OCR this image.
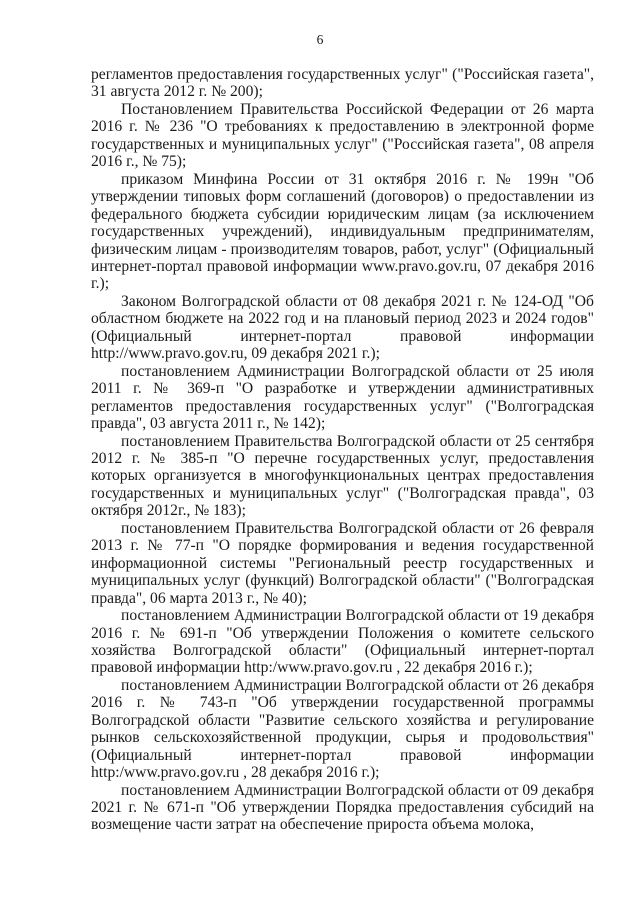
6

регламентов предоставления государственных услуг" ("Российская газета", 31 августа 2012 г. № 200);

Постановлением Правительства Российской Федерации от 26 марта 2016 г. № 236 "О требованиях к предоставлению в электронной форме государственных и муниципальных услуг" ("Российская газета", 08 апреля 2016 г., № 75);

приказом Минфина России от 31 октября 2016 г. № 199н "Об утверждении типовых форм соглашений (договоров) о предоставлении из федерального бюджета субсидии юридическим лицам (за исключением государственных учреждений), индивидуальным предпринимателям, физическим лицам - производителям товаров, работ, услуг" (Официальный интернет-портал правовой информации www.pravo.gov.ru, 07 декабря 2016 г.);

Законом Волгоградской области от 08 декабря 2021 г. № 124-ОД "Об областном бюджете на 2022 год и на плановый период 2023 и 2024 годов" (Официальный интернет-портал правовой информации http://www.pravo.gov.ru, 09 декабря 2021 г.);

постановлением Администрации Волгоградской области от 25 июля 2011 г. № 369-п "О разработке и утверждении административных регламентов предоставления государственных услуг" ("Волгоградская правда", 03 августа 2011 г., № 142);

постановлением Правительства Волгоградской области от 25 сентября 2012 г. № 385-п "О перечне государственных услуг, предоставления которых организуется в многофункциональных центрах предоставления государственных и муниципальных услуг" ("Волгоградская правда", 03 октября 2012г., № 183);

постановлением Правительства Волгоградской области от 26 февраля 2013 г. № 77-п "О порядке формирования и ведения государственной информационной системы "Региональный реестр государственных и муниципальных услуг (функций) Волгоградской области" ("Волгоградская правда", 06 марта 2013 г., № 40);

постановлением Администрации Волгоградской области от 19 декабря 2016 г. № 691-п "Об утверждении Положения о комитете сельского хозяйства Волгоградской области" (Официальный интернет-портал правовой информации http:/www.pravo.gov.ru , 22 декабря 2016 г.);

постановлением Администрации Волгоградской области от 26 декабря 2016 г. № 743-п "Об утверждении государственной программы Волгоградской области "Развитие сельского хозяйства и регулирование рынков сельскохозяйственной продукции, сырья и продовольствия" (Официальный интернет-портал правовой информации http:/www.pravo.gov.ru , 28 декабря 2016 г.);

постановлением Администрации Волгоградской области от 09 декабря 2021 г. № 671-п "Об утверждении Порядка предоставления субсидий на возмещение части затрат на обеспечение прироста объема молока,
